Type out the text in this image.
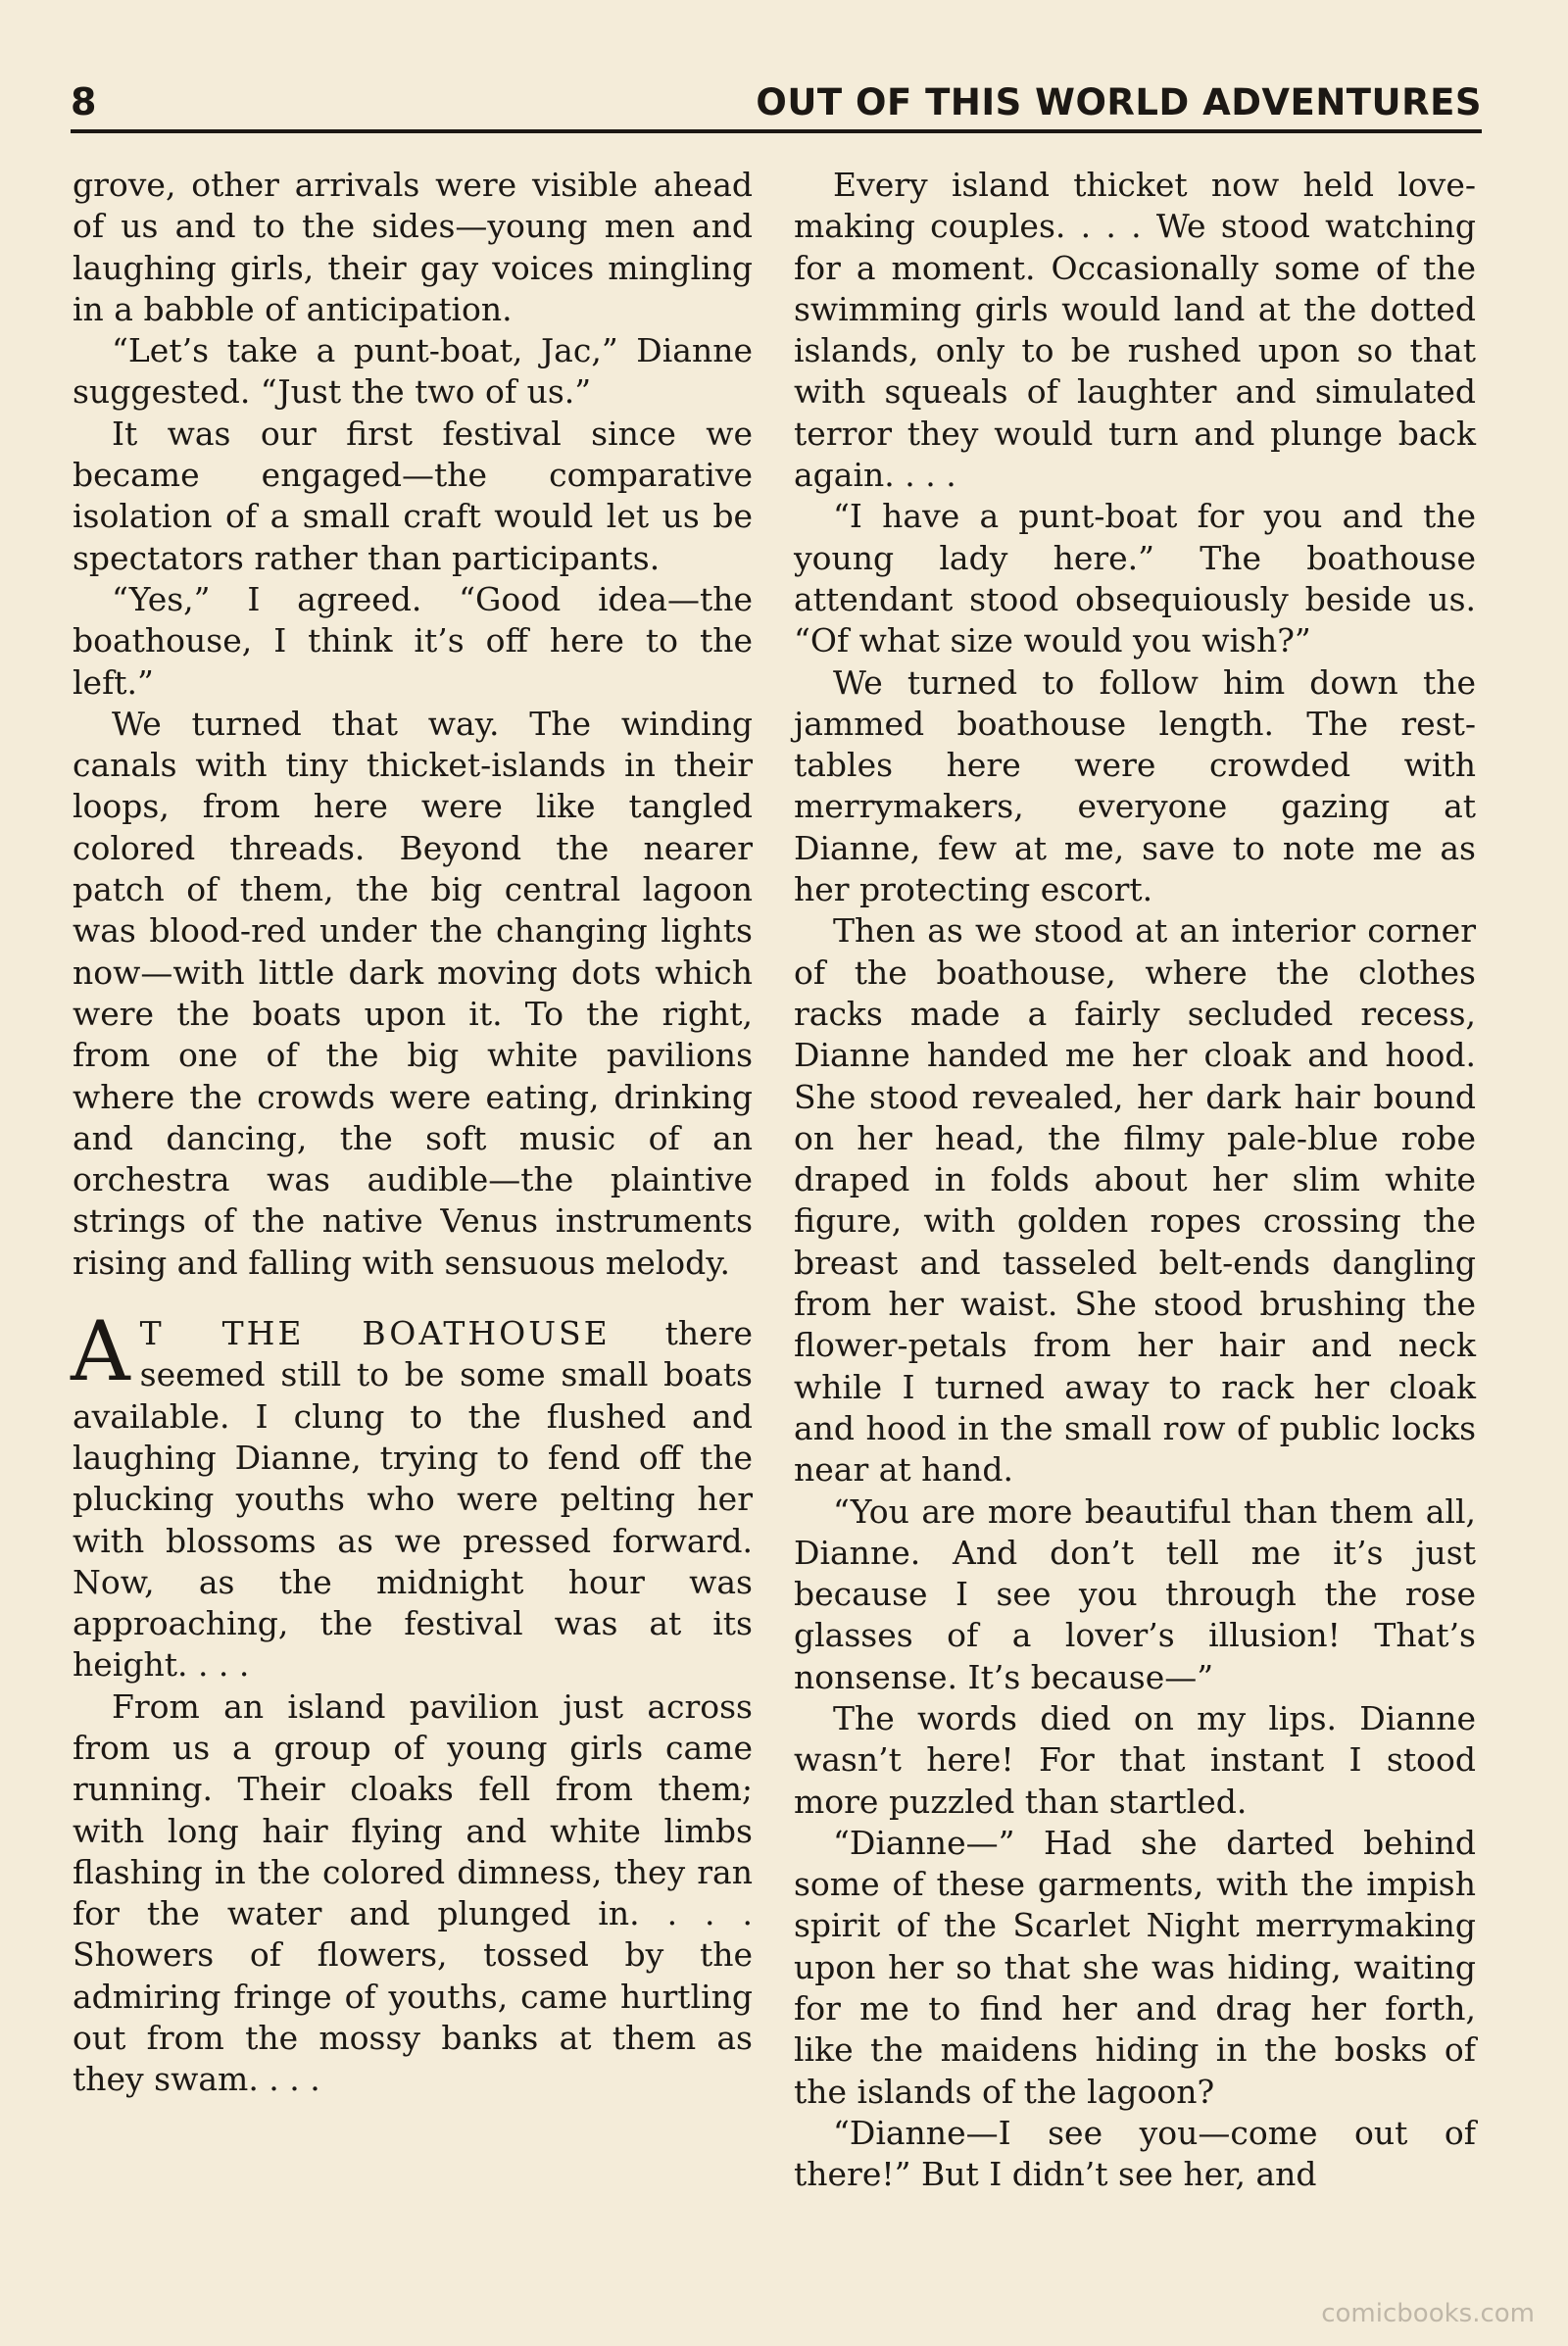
8	OUT OF THIS WORLD ADVENTURES

grove, other arrivals were visible ahead of us and to the sides—young men and laughing girls, their gay voices mingling in a babble of anticipation.

“Let’s take a punt-boat, Jac,” Dianne suggested. “Just the two of us.”

It was our first festival since we became engaged—the comparative isolation of a small craft would let us be spectators rather than participants.

“Yes,” I agreed. “Good idea—the boathouse, I think it’s off here to the left.”

We turned that way. The winding canals with tiny thicket-islands in their loops, from here were like tangled colored threads. Beyond the nearer patch of them, the big central lagoon was blood-red under the changing lights now—with little dark moving dots which were the boats upon it. To the right, from one of the big white pavilions where the crowds were eating, drinking and dancing, the soft music of an orchestra was audible—the plaintive strings of the native Venus instruments rising and falling with sensuous melody.

A T THE BOATHOUSE there seemed still to be some small boats available. I clung to the flushed and laughing Dianne, trying to fend off the plucking youths who were pelting her with blossoms as we pressed forward. Now, as the midnight hour was approaching, the festival was at its height. . . .

From an island pavilion just across from us a group of young girls came running. Their cloaks fell from them; with long hair flying and white limbs flashing in the colored dimness, they ran for the water and plunged in. . . . Showers of flowers, tossed by the admiring fringe of youths, came hurtling out from the mossy banks at them as they swam. . . .

Every island thicket now held love-making couples. . . . We stood watching for a moment. Occasionally some of the swimming girls would land at the dotted islands, only to be rushed upon so that with squeals of laughter and simulated terror they would turn and plunge back again. . . .

“I have a punt-boat for you and the young lady here.” The boathouse attendant stood obsequiously beside us. “Of what size would you wish?”

We turned to follow him down the jammed boathouse length. The rest-tables here were crowded with merrymakers, everyone gazing at Dianne, few at me, save to note me as her protecting escort.

Then as we stood at an interior corner of the boathouse, where the clothes racks made a fairly secluded recess, Dianne handed me her cloak and hood. She stood revealed, her dark hair bound on her head, the filmy pale-blue robe draped in folds about her slim white figure, with golden ropes crossing the breast and tasseled belt-ends dangling from her waist. She stood brushing the flower-petals from her hair and neck while I turned away to rack her cloak and hood in the small row of public locks near at hand.

“You are more beautiful than them all, Dianne. And don’t tell me it’s just because I see you through the rose glasses of a lover’s illusion! That’s nonsense. It’s because—”

The words died on my lips. Dianne wasn’t here! For that instant I stood more puzzled than startled.

“Dianne—” Had she darted behind some of these garments, with the impish spirit of the Scarlet Night merrymaking upon her so that she was hiding, waiting for me to find her and drag her forth, like the maidens hiding in the bosks of the islands of the lagoon?

“Dianne—I see you—come out of there!” But I didn’t see her, and

comicbooks.com
